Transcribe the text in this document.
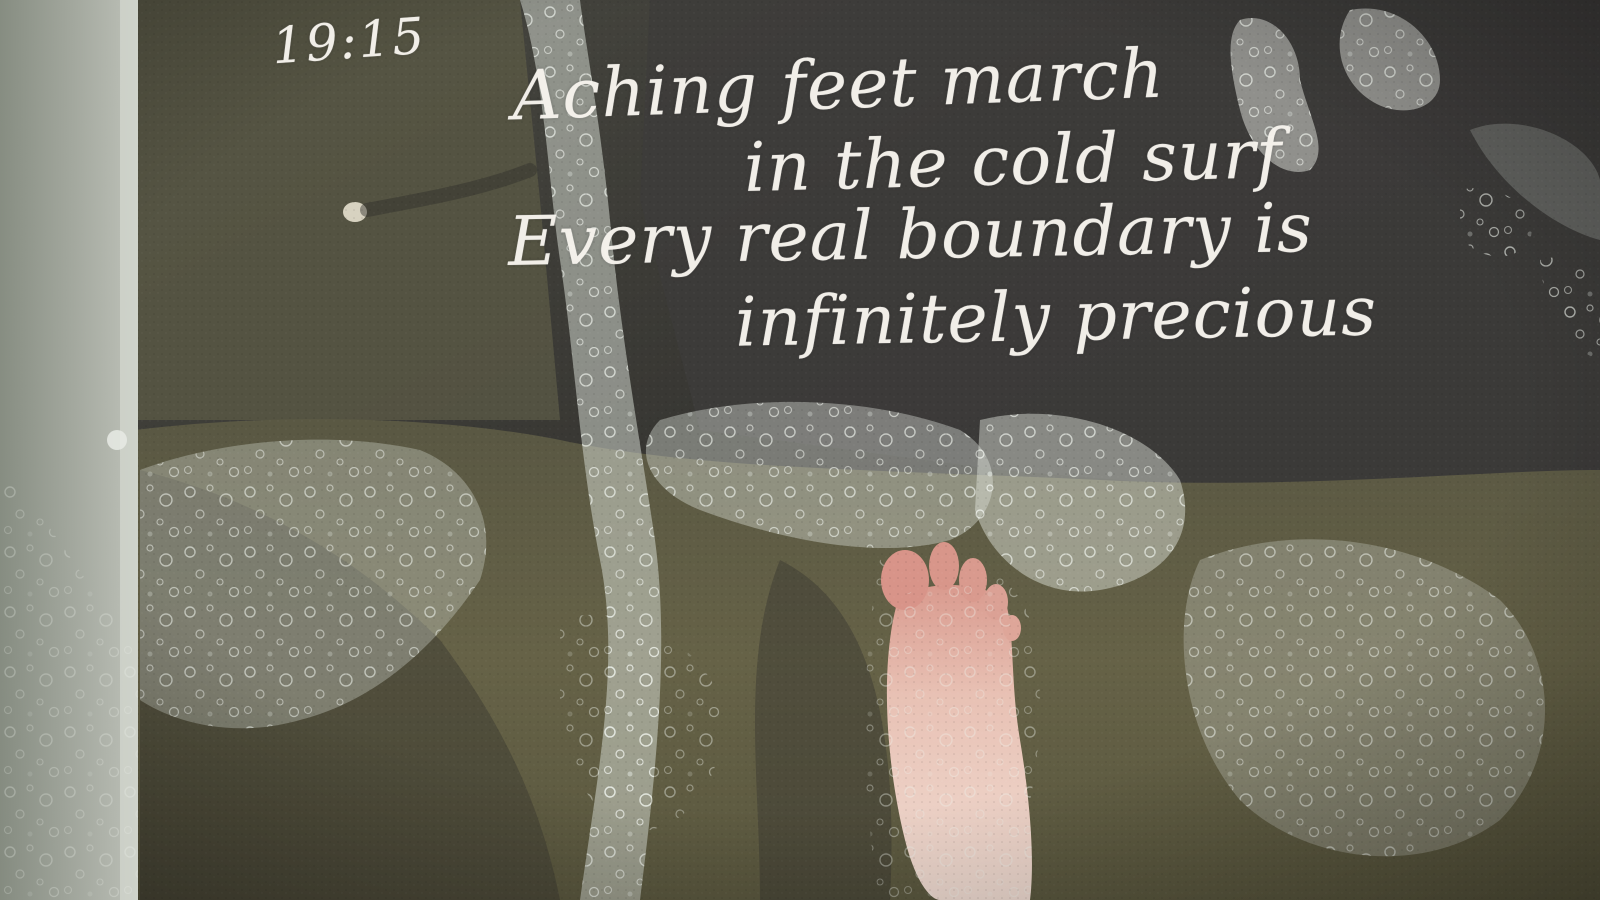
19:15 Aching feet march

in the cold surf

Every real boundary is

infinitely precious
